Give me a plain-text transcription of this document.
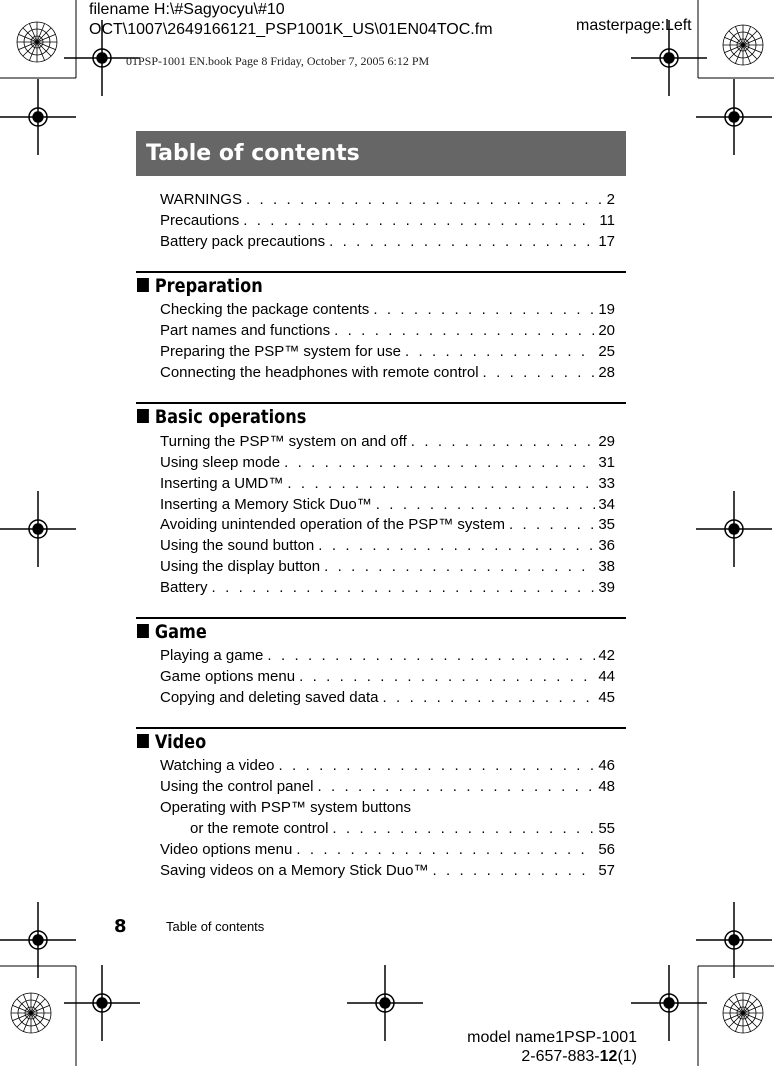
filename H:\#Sagyocyu\#10
OCT\1007\2649166121_PSP1001K_US\01EN04TOC.fm	masterpage:Left
01PSP-1001 EN.book Page 8 Friday, October 7, 2005 6:12 PM
Table of contents
WARNINGS . . .	2
Precautions . . .	11
Battery pack precautions . . .	17
Preparation
Checking the package contents . . .	19
Part names and functions . . .	20
Preparing the PSP™ system for use . . .	25
Connecting the headphones with remote control . . .	28
Basic operations
Turning the PSP™ system on and off . . .	29
Using sleep mode . . .	31
Inserting a UMD™ . . .	33
Inserting a Memory Stick Duo™ . . .	34
Avoiding unintended operation of the PSP™ system . . .	35
Using the sound button . . .	36
Using the display button . . .	38
Battery . . .	39
Game
Playing a game . . .	42
Game options menu . . .	44
Copying and deleting saved data . . .	45
Video
Watching a video . . .	46
Using the control panel . . .	48
Operating with PSP™ system buttons
or the remote control . . .	55
Video options menu . . .	56
Saving videos on a Memory Stick Duo™ . . .	57
8	Table of contents
model name1PSP-1001
2-657-883-12(1)
